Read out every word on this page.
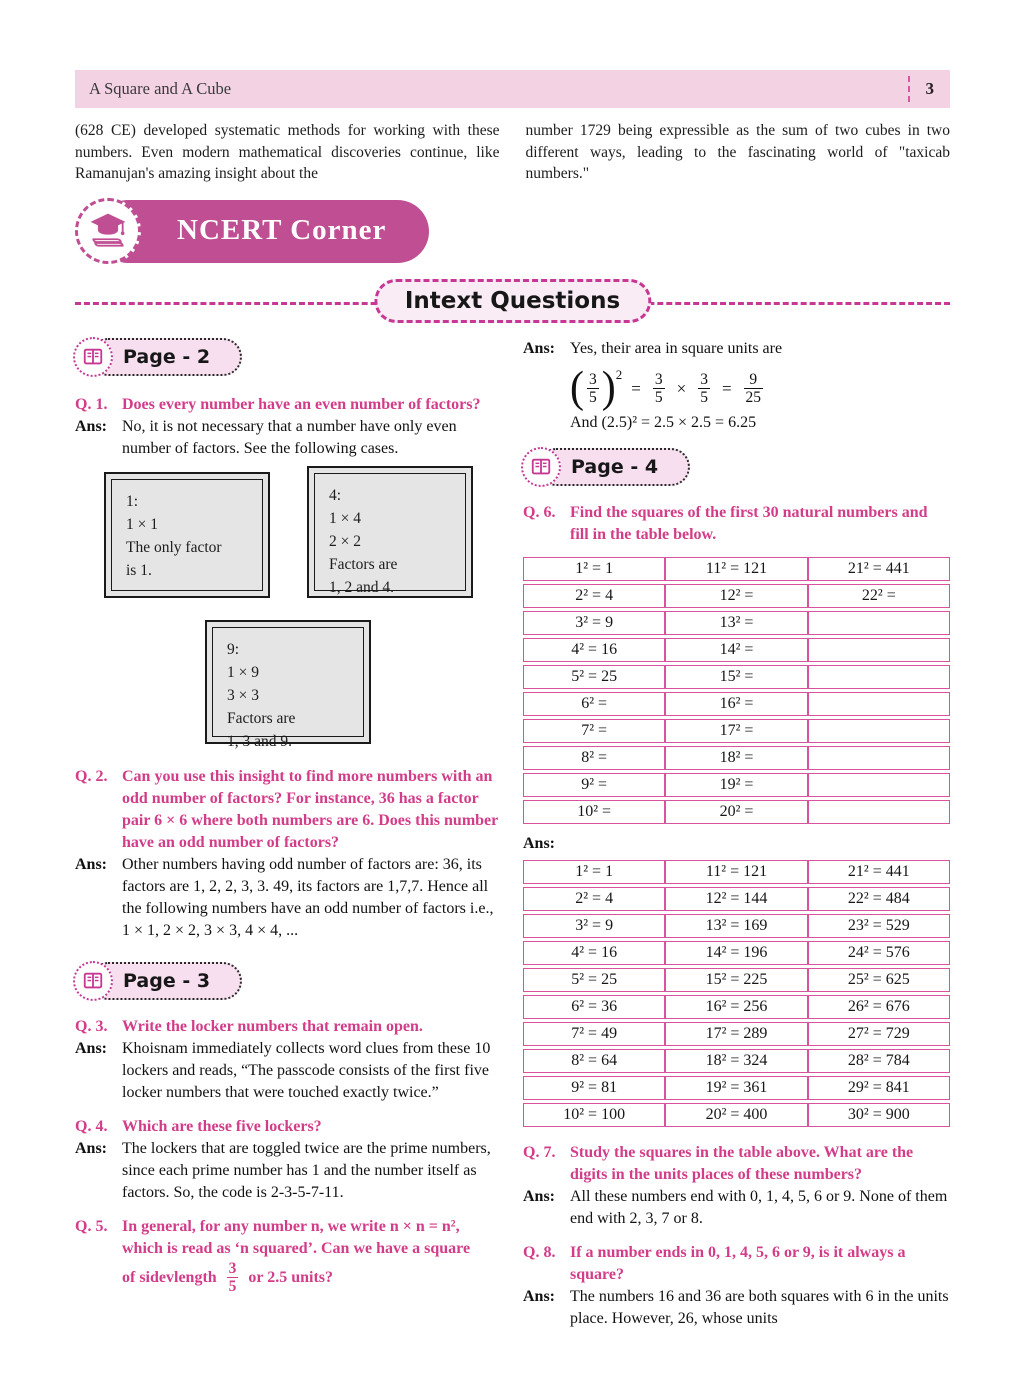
A Square and A Cube	3

(628 CE) developed systematic methods for working with these numbers. Even modern mathematical discoveries continue, like Ramanujan's amazing insight about the

number 1729 being expressible as the sum of two cubes in two different ways, leading to the fascinating world of "taxicab numbers."

NCERT Corner
Intext Questions
Page - 2
Q. 1. Does every number have an even number of factors?
Ans: No, it is not necessary that a number have only even number of factors. See the following cases.
1:
1 × 1
The only factor
is 1.
4:
1 × 4
2 × 2
Factors are
1, 2 and 4.
9:
1 × 9
3 × 3
Factors are
1, 3 and 9.
Q. 2. Can you use this insight to find more numbers with an odd number of factors? For instance, 36 has a factor pair 6 × 6 where both numbers are 6. Does this number have an odd number of factors?
Ans: Other numbers having odd number of factors are: 36, its factors are 1, 2, 2, 3, 3. 49, its factors are 1,7,7. Hence all the following numbers have an odd number of factors i.e.,
1 × 1, 2 × 2, 3 × 3, 4 × 4, ...
Page - 3
Q. 3. Write the locker numbers that remain open.
Ans: Khoisnam immediately collects word clues from these 10 lockers and reads, “The passcode consists of the first five locker numbers that were touched exactly twice.”
Q. 4. Which are these five lockers?
Ans: The lockers that are toggled twice are the prime numbers, since each prime number has 1 and the number itself as factors. So, the code is 2-3-5-7-11.
Q. 5. In general, for any number n, we write n × n = n²,
which is read as ‘n squared’. Can we have a square
of sidevlength $\frac{3}{5}$ or 2.5 units?
Ans: Yes, their area in square units are
( $\frac{3}{5}$ ) 2
= $\frac{3}{5} \times \frac{3}{5} = \frac{9}{25}$
And (2.5)² = 2.5 × 2.5 = 6.25
Page - 4
Q. 6. Find the squares of the first 30 natural numbers and fill in the table below.
1² = 1	11² = 121	21² = 441
2² = 4	12² =	22² =
3² = 9	13² =	
4² = 16	14² =	
5² = 25	15² =	
6² =	16² =	
7² =	17² =	
8² =	18² =	
9² =	19² =	
10² =	20² =	
Ans:
1² = 1	11² = 121	21² = 441
2² = 4	12² = 144	22² = 484
3² = 9	13² = 169	23² = 529
4² = 16	14² = 196	24² = 576
5² = 25	15² = 225	25² = 625
6² = 36	16² = 256	26² = 676
7² = 49	17² = 289	27² = 729
8² = 64	18² = 324	28² = 784
9² = 81	19² = 361	29² = 841
10² = 100	20² = 400	30² = 900
Q. 7. Study the squares in the table above. What are the digits in the units places of these numbers?
Ans: All these numbers end with 0, 1, 4, 5, 6 or 9. None of them end with 2, 3, 7 or 8.
Q. 8. If a number ends in 0, 1, 4, 5, 6 or 9, is it always a square?
Ans: The numbers 16 and 36 are both squares with 6 in the units place. However, 26, whose units
